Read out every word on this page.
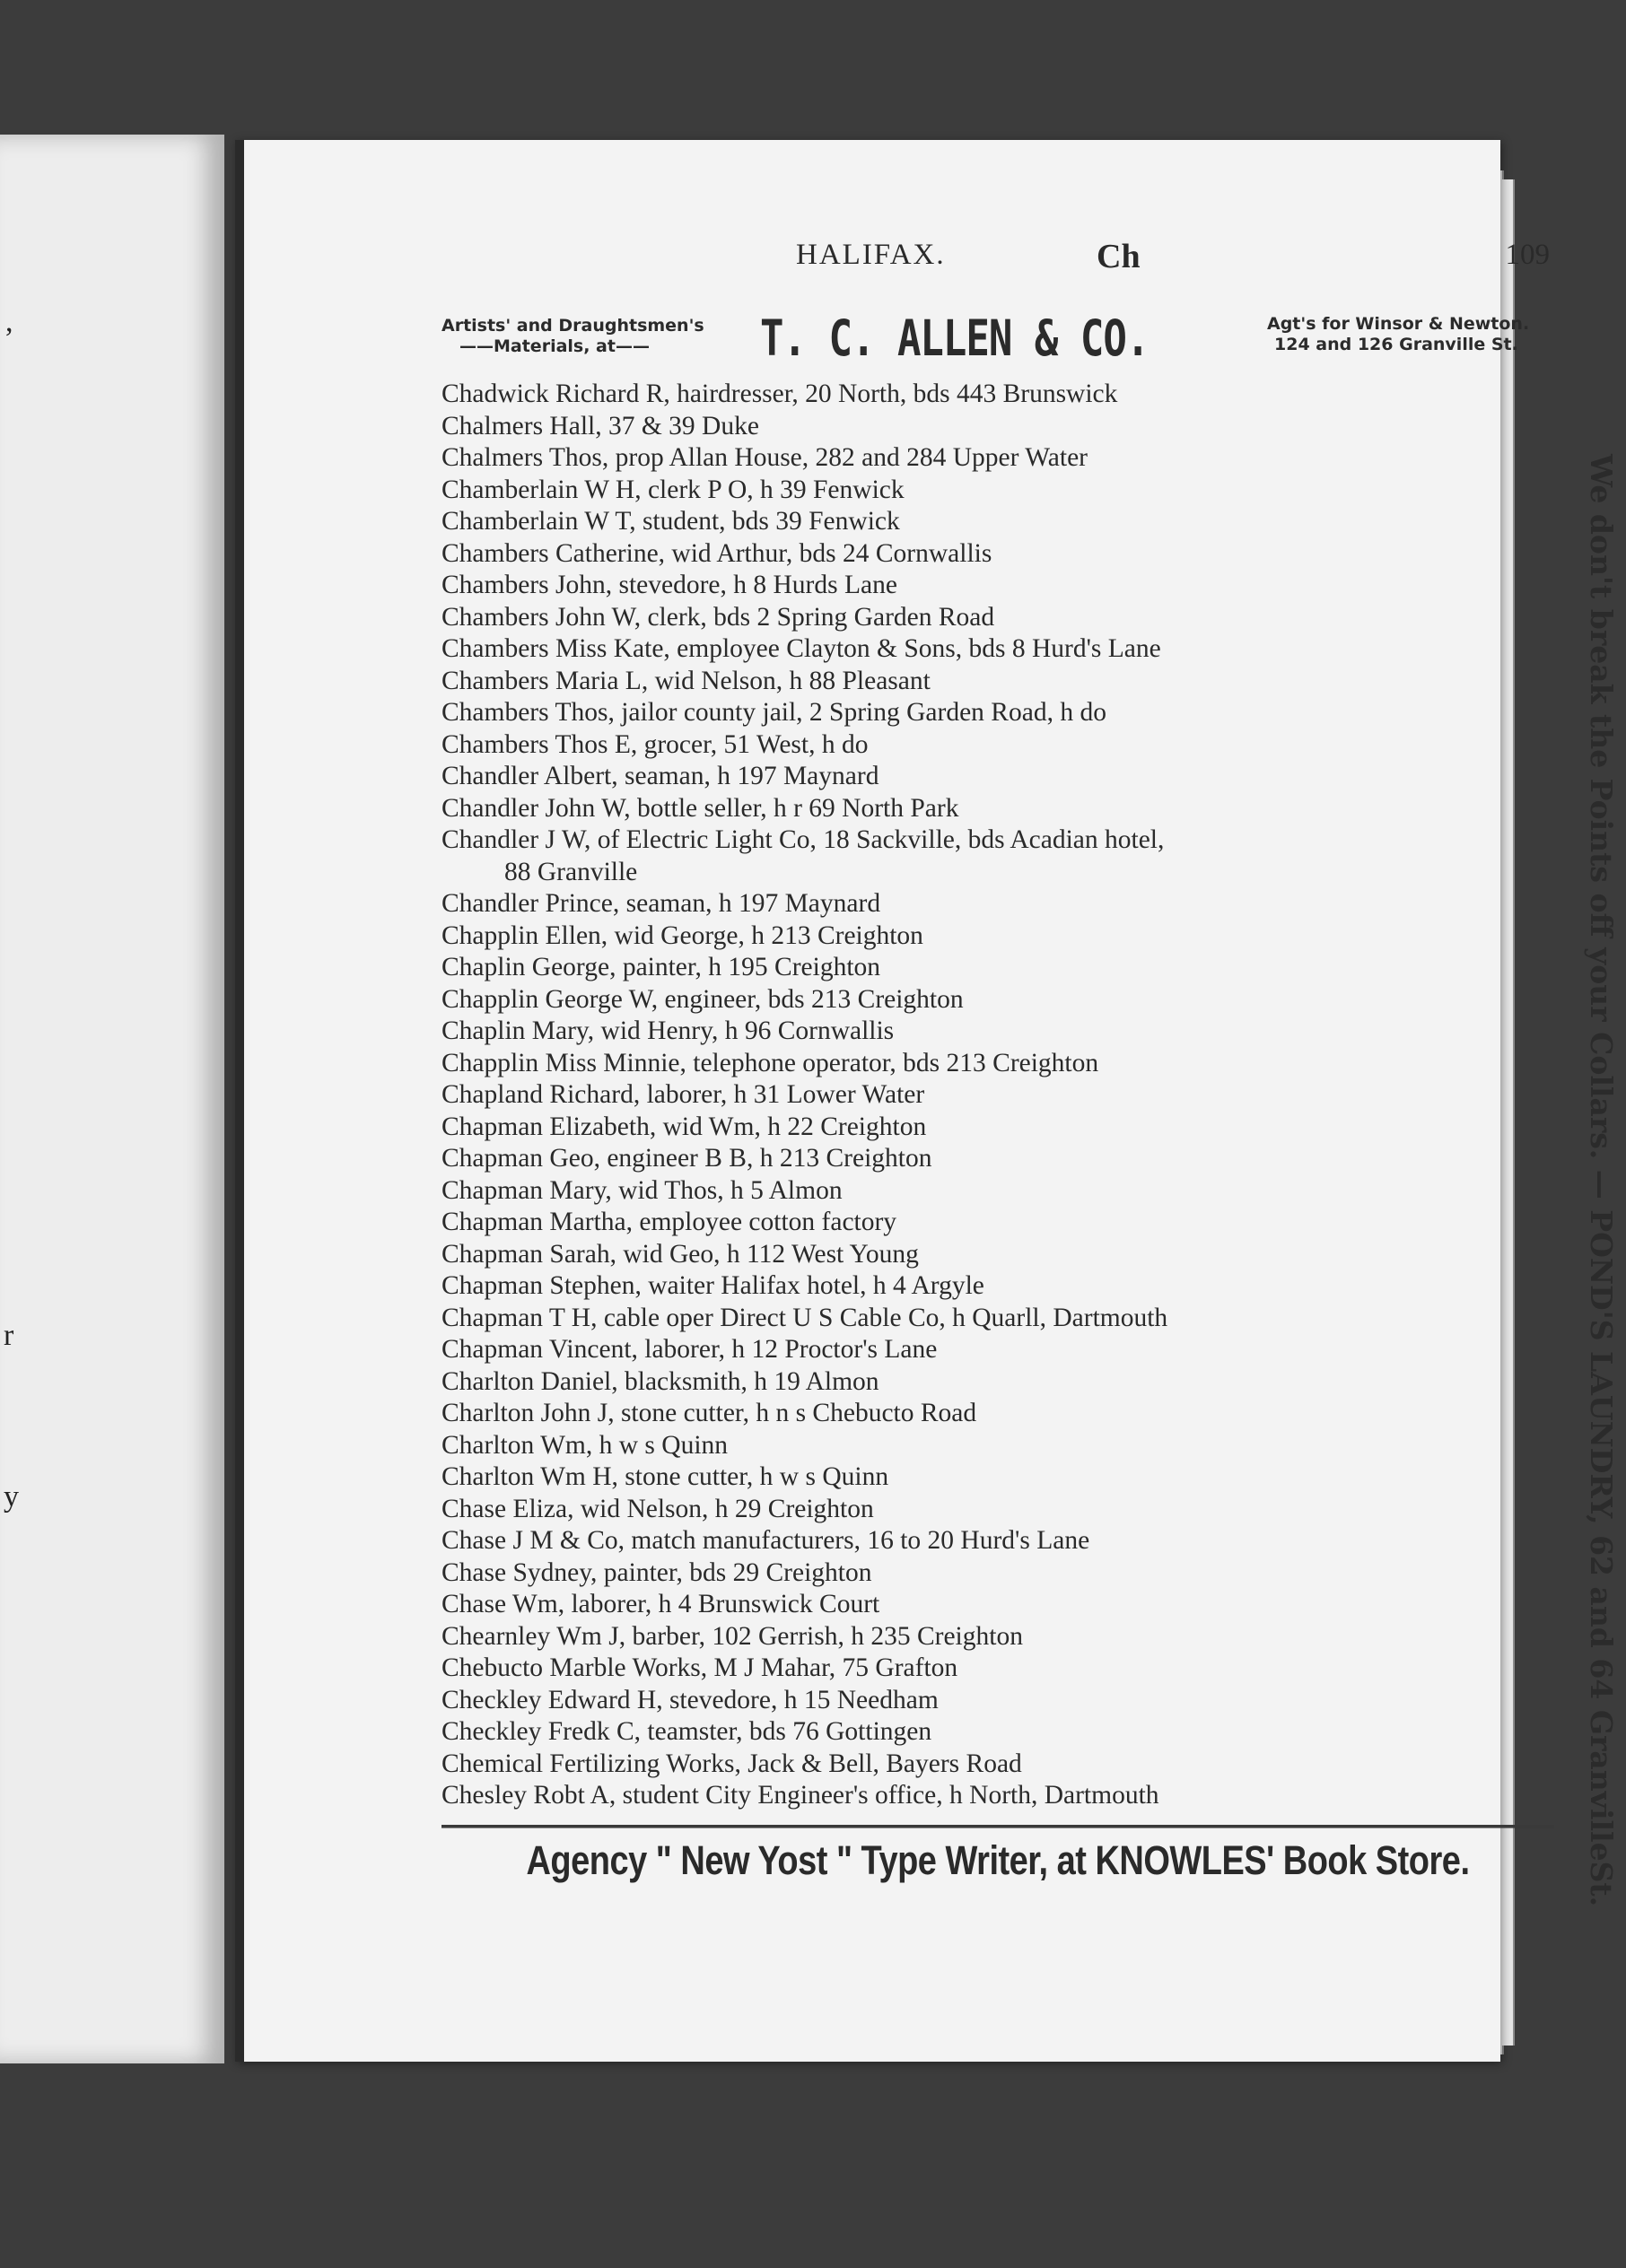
,
r
y
HALIFAX.	Ch	109
Artists' and Draughtsmen's
——Materials, at——	T. C. ALLEN & CO.	Agt's for Winsor & Newton.
124 and 126 Granville St.
Chadwick Richard R, hairdresser, 20 North, bds 443 Brunswick
Chalmers Hall, 37 & 39 Duke
Chalmers Thos, prop Allan House, 282 and 284 Upper Water
Chamberlain W H, clerk P O, h 39 Fenwick
Chamberlain W T, student, bds 39 Fenwick
Chambers Catherine, wid Arthur, bds 24 Cornwallis
Chambers John, stevedore, h 8 Hurds Lane
Chambers John W, clerk, bds 2 Spring Garden Road
Chambers Miss Kate, employee Clayton & Sons, bds 8 Hurd's Lane
Chambers Maria L, wid Nelson, h 88 Pleasant
Chambers Thos, jailor county jail, 2 Spring Garden Road, h do
Chambers Thos E, grocer, 51 West, h do
Chandler Albert, seaman, h 197 Maynard
Chandler John W, bottle seller, h r 69 North Park
Chandler J W, of Electric Light Co, 18 Sackville, bds Acadian hotel,
88 Granville
Chandler Prince, seaman, h 197 Maynard
Chapplin Ellen, wid George, h 213 Creighton
Chaplin George, painter, h 195 Creighton
Chapplin George W, engineer, bds 213 Creighton
Chaplin Mary, wid Henry, h 96 Cornwallis
Chapplin Miss Minnie, telephone operator, bds 213 Creighton
Chapland Richard, laborer, h 31 Lower Water
Chapman Elizabeth, wid Wm, h 22 Creighton
Chapman Geo, engineer B B, h 213 Creighton
Chapman Mary, wid Thos, h 5 Almon
Chapman Martha, employee cotton factory
Chapman Sarah, wid Geo, h 112 West Young
Chapman Stephen, waiter Halifax hotel, h 4 Argyle
Chapman T H, cable oper Direct U S Cable Co, h Quarll, Dartmouth
Chapman Vincent, laborer, h 12 Proctor's Lane
Charlton Daniel, blacksmith, h 19 Almon
Charlton John J, stone cutter, h n s Chebucto Road
Charlton Wm, h w s Quinn
Charlton Wm H, stone cutter, h w s Quinn
Chase Eliza, wid Nelson, h 29 Creighton
Chase J M & Co, match manufacturers, 16 to 20 Hurd's Lane
Chase Sydney, painter, bds 29 Creighton
Chase Wm, laborer, h 4 Brunswick Court
Chearnley Wm J, barber, 102 Gerrish, h 235 Creighton
Chebucto Marble Works, M J Mahar, 75 Grafton
Checkley Edward H, stevedore, h 15 Needham
Checkley Fredk C, teamster, bds 76 Gottingen
Chemical Fertilizing Works, Jack & Bell, Bayers Road
Chesley Robt A, student City Engineer's office, h North, Dartmouth	We don't break the Points off your Collars. — POND'S LAUNDRY, 62 and 64 GranvilleSt.
Agency " New Yost " Type Writer, at KNOWLES' Book Store.
